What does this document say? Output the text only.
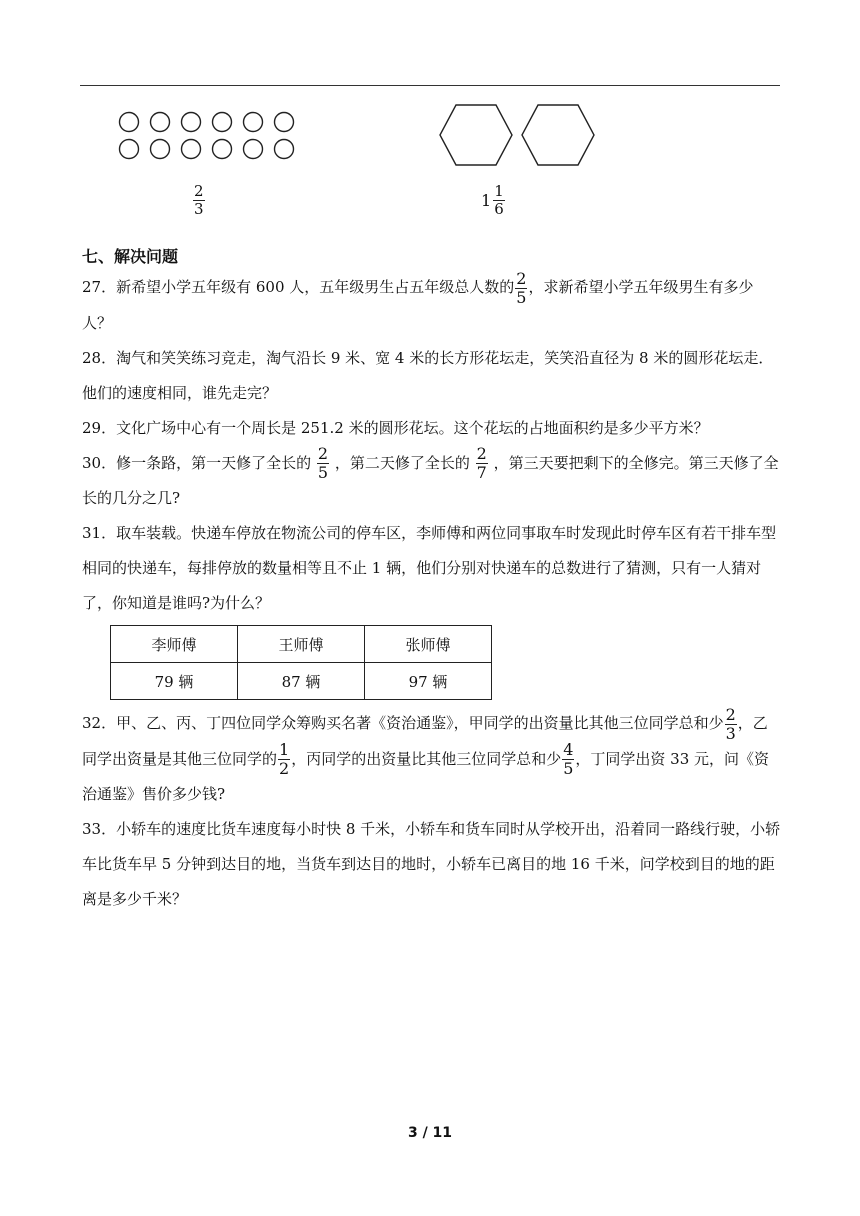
$\frac{2}{3}$	$1 \frac{1}{6}$
七、解决问题

27．新希望小学五年级有 600 人，五年级男生占五年级总人数的 $\frac{2}{5}$ ，求新希望小学五年级男生有多少人？

28．淘气和笑笑练习竞走，淘气沿长 9 米、宽 4 米的长方形花坛走，笑笑沿直径为 8 米的圆形花坛走．他们的速度相同，谁先走完？

29．文化广场中心有一个周长是 251.2 米的圆形花坛。这个花坛的占地面积约是多少平方米？

30．修一条路，第一天修了全长的 $\frac{2}{5}$ ，第二天修了全长的 $\frac{2}{7}$ ，第三天要把剩下的全修完。第三天修了全长的几分之几?

31．取车装载。快递车停放在物流公司的停车区，李师傅和两位同事取车时发现此时停车区有若干排车型相同的快递车，每排停放的数量相等且不止 1 辆，他们分别对快递车的总数进行了猜测，只有一人猜对了，你知道是谁吗?为什么？

李师傅	王师傅	张师傅
79 辆	87 辆	97 辆

32．甲、乙、丙、丁四位同学众筹购买名著《资治通鉴》，甲同学的出资量比其他三位同学总和少 $\frac{2}{3}$ ，乙同学出资量是其他三位同学的 $\frac{1}{2}$ ，丙同学的出资量比其他三位同学总和少 $\frac{4}{5}$ ，丁同学出资 33 元，问《资治通鉴》售价多少钱?

33．小轿车的速度比货车速度每小时快 8 千米，小轿车和货车同时从学校开出，沿着同一路线行驶，小轿车比货车早 5 分钟到达目的地，当货车到达目的地时，小轿车已离目的地 16 千米，问学校到目的地的距离是多少千米？

3 / 11
